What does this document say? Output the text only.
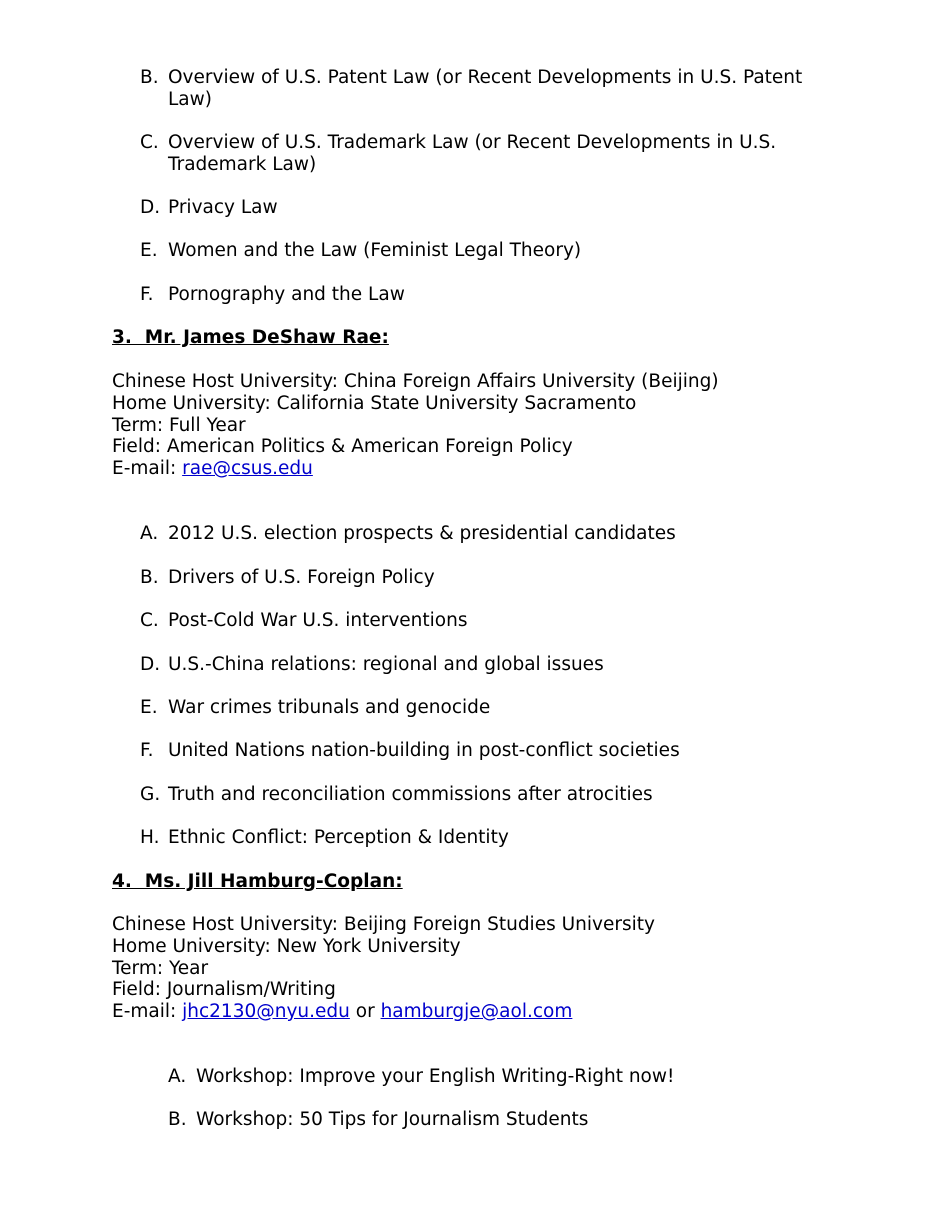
B. Overview of U.S. Patent Law (or Recent Developments in U.S. Patent Law)
C. Overview of U.S. Trademark Law (or Recent Developments in U.S. Trademark Law)
D. Privacy Law
E. Women and the Law (Feminist Legal Theory)
F. Pornography and the Law
3.  Mr. James DeShaw Rae:
Chinese Host University: China Foreign Affairs University (Beijing)
Home University: California State University Sacramento
Term: Full Year
Field: American Politics & American Foreign Policy
E-mail: rae@csus.edu
A. 2012 U.S. election prospects & presidential candidates
B. Drivers of U.S. Foreign Policy
C. Post-Cold War U.S. interventions
D. U.S.-China relations: regional and global issues
E. War crimes tribunals and genocide
F. United Nations nation-building in post-conflict societies
G. Truth and reconciliation commissions after atrocities
H. Ethnic Conflict: Perception & Identity
4.  Ms. Jill Hamburg-Coplan:
Chinese Host University: Beijing Foreign Studies University
Home University: New York University
Term: Year
Field: Journalism/Writing
E-mail: jhc2130@nyu.edu or hamburgje@aol.com
A. Workshop: Improve your English Writing-Right now!
B. Workshop: 50 Tips for Journalism Students
